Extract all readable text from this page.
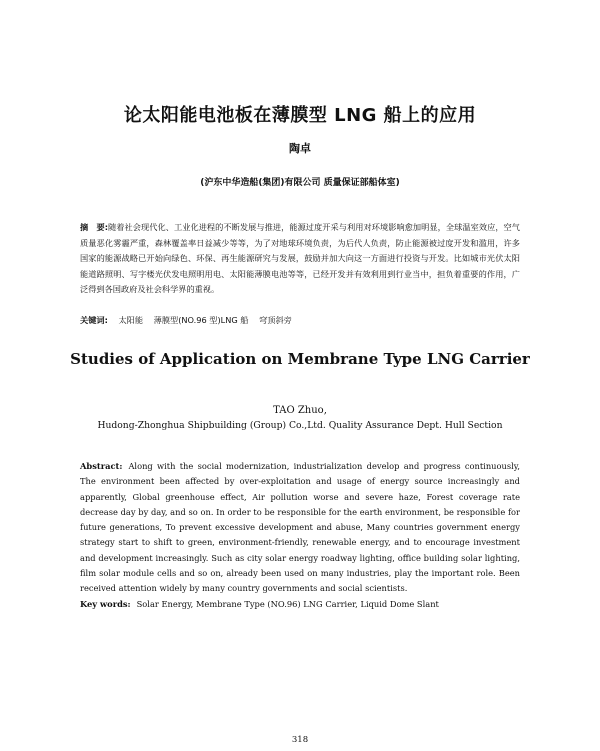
论太阳能电池板在薄膜型 LNG 船上的应用
陶卓
(沪东中华造船(集团)有限公司 质量保证部船体室)
摘　要:随着社会现代化、工业化进程的不断发展与推进，能源过度开采与利用对环境影响愈加明显，全球温室效应，空气质量恶化雾霾严重，森林覆盖率日益减少等等，为了对地球环境负责，为后代人负责，防止能源被过度开发和滥用，许多国家的能源战略已开始向绿色、环保、再生能源研究与发展，鼓励并加大向这一方面进行投资与开发。比如城市光伏太阳能道路照明、写字楼光伏发电照明用电、太阳能薄膜电池等等，已经开发并有效利用到行业当中，担负着重要的作用，广泛得到各国政府及社会科学界的重视。
关键词: 太阳能 薄膜型(NO.96 型)LNG 船 穹顶斜旁
Studies of Application on Membrane Type LNG Carrier
TAO Zhuo,
Hudong-Zhonghua Shipbuilding (Group) Co.,Ltd. Quality Assurance Dept. Hull Section
Abstract: Along with the social modernization, industrialization develop and progress continuously, The environment been affected by over-exploitation and usage of energy source increasingly and apparently, Global greenhouse effect, Air pollution worse and severe haze, Forest coverage rate decrease day by day, and so on. In order to be responsible for the earth environment, be responsible for future generations, To prevent excessive development and abuse, Many countries government energy strategy start to shift to green, environment-friendly, renewable energy, and to encourage investment and development increasingly. Such as city solar energy roadway lighting, office building solar lighting, film solar module cells and so on, already been used on many industries, play the important role. Been received attention widely by many country governments and social scientists.
Key words: Solar Energy, Membrane Type (NO.96) LNG Carrier, Liquid Dome Slant
318
